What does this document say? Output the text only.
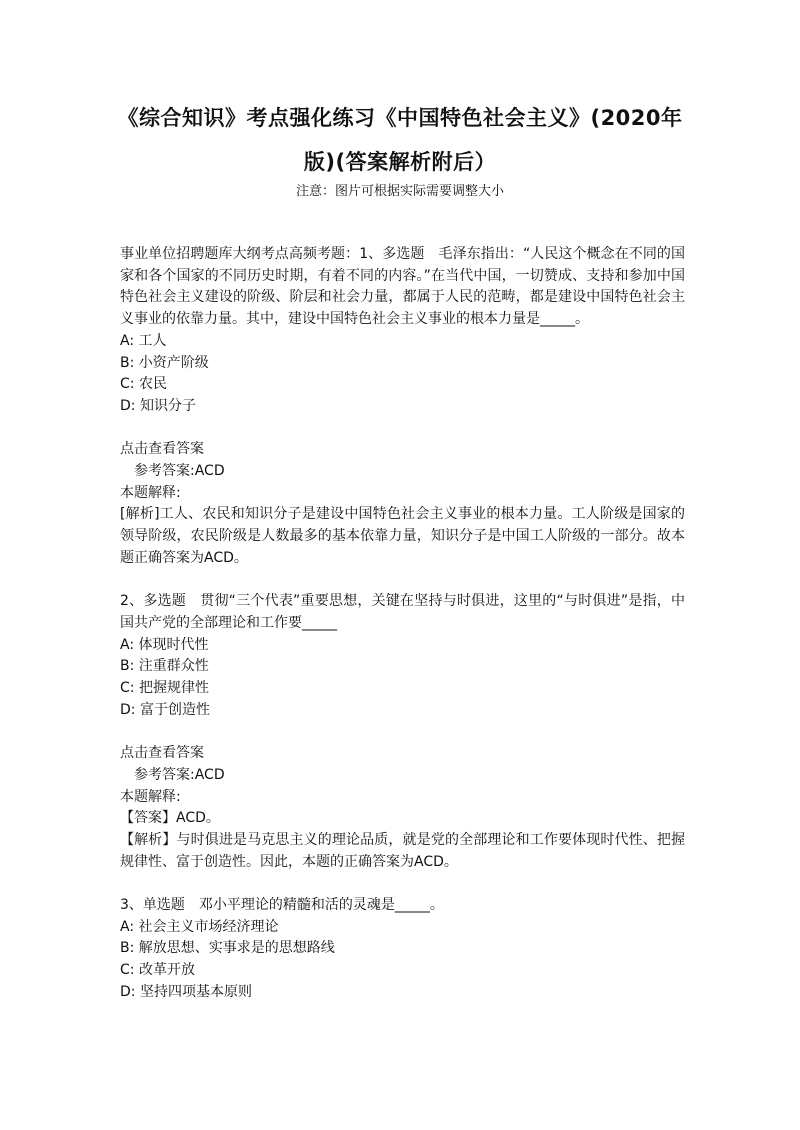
《综合知识》考点强化练习《中国特色社会主义》(2020年
版)(答案解析附后）
注意：图片可根据实际需要调整大小

事业单位招聘题库大纲考点高频考题：1、多选题　毛泽东指出：“人民这个概念在不同的国家和各个国家的不同历史时期，有着不同的内容。”在当代中国，一切赞成、支持和参加中国特色社会主义建设的阶级、阶层和社会力量，都属于人民的范畴，都是建设中国特色社会主义事业的依靠力量。其中，建设中国特色社会主义事业的根本力量是_____。

A: 工人

B: 小资产阶级

C: 农民

D: 知识分子

点击查看答案

参考答案:ACD

本题解释:

[解析]工人、农民和知识分子是建设中国特色社会主义事业的根本力量。工人阶级是国家的领导阶级，农民阶级是人数最多的基本依靠力量，知识分子是中国工人阶级的一部分。故本题正确答案为ACD。

2、多选题　贯彻“三个代表”重要思想，关键在坚持与时俱进，这里的“与时俱进”是指，中国共产党的全部理论和工作要_____

A: 体现时代性

B: 注重群众性

C: 把握规律性

D: 富于创造性

点击查看答案

参考答案:ACD

本题解释:

【答案】ACD。

【解析】与时俱进是马克思主义的理论品质，就是党的全部理论和工作要体现时代性、把握规律性、富于创造性。因此，本题的正确答案为ACD。

3、单选题　邓小平理论的精髓和活的灵魂是_____。

A: 社会主义市场经济理论

B: 解放思想、实事求是的思想路线

C: 改革开放

D: 坚持四项基本原则
